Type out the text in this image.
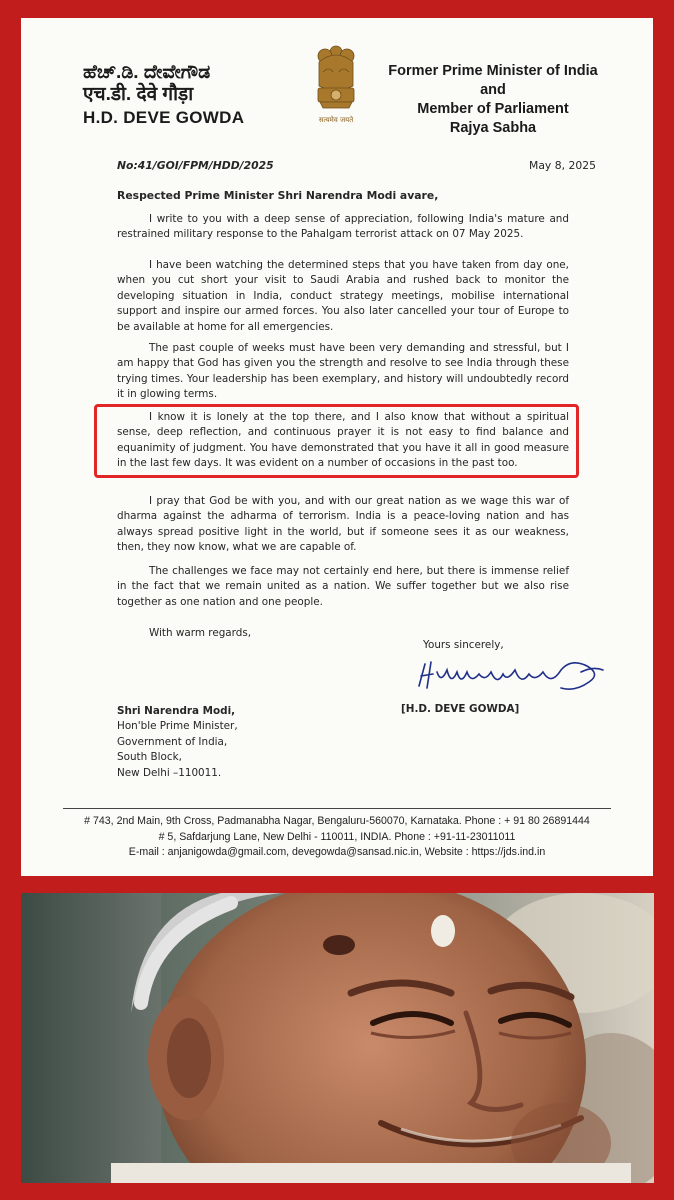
ಹೆಚ್.ಡಿ. ದೇವೇಗೌಡ
एच.डी. देवे गौड़ा
H.D. DEVE GOWDA	सत्यमेव जयते
Former Prime Minister of India
and
Member of Parliament
Rajya Sabha
No:41/GOI/FPM/HDD/2025	May 8, 2025
Respected Prime Minister Shri Narendra Modi avare,

I write to you with a deep sense of appreciation, following India's mature and restrained military response to the Pahalgam terrorist attack on 07 May 2025.

I have been watching the determined steps that you have taken from day one, when you cut short your visit to Saudi Arabia and rushed back to monitor the developing situation in India, conduct strategy meetings, mobilise international support and inspire our armed forces. You also later cancelled your tour of Europe to be available at home for all emergencies.

The past couple of weeks must have been very demanding and stressful, but I am happy that God has given you the strength and resolve to see India through these trying times. Your leadership has been exemplary, and history will undoubtedly record it in glowing terms.

I know it is lonely at the top there, and I also know that without a spiritual sense, deep reflection, and continuous prayer it is not easy to find balance and equanimity of judgment. You have demonstrated that you have it all in good measure in the last few days. It was evident on a number of occasions in the past too.

I pray that God be with you, and with our great nation as we wage this war of dharma against the adharma of terrorism. India is a peace-loving nation and has always spread positive light in the world, but if someone sees it as our weakness, then, they now know, what we are capable of.

The challenges we face may not certainly end here, but there is immense relief in the fact that we remain united as a nation. We suffer together but we also rise together as one nation and one people.

With warm regards,
Yours sincerely,
[H.D. DEVE GOWDA]
Shri Narendra Modi,
Hon'ble Prime Minister,
Government of India,
South Block,
New Delhi –110011.
# 743, 2nd Main, 9th Cross, Padmanabha Nagar, Bengaluru-560070, Karnataka. Phone : + 91 80 26891444
# 5, Safdarjung Lane, New Delhi - 110011, INDIA. Phone : +91-11-23011011
E-mail : anjanigowda@gmail.com, devegowda@sansad.nic.in, Website : https://jds.ind.in
